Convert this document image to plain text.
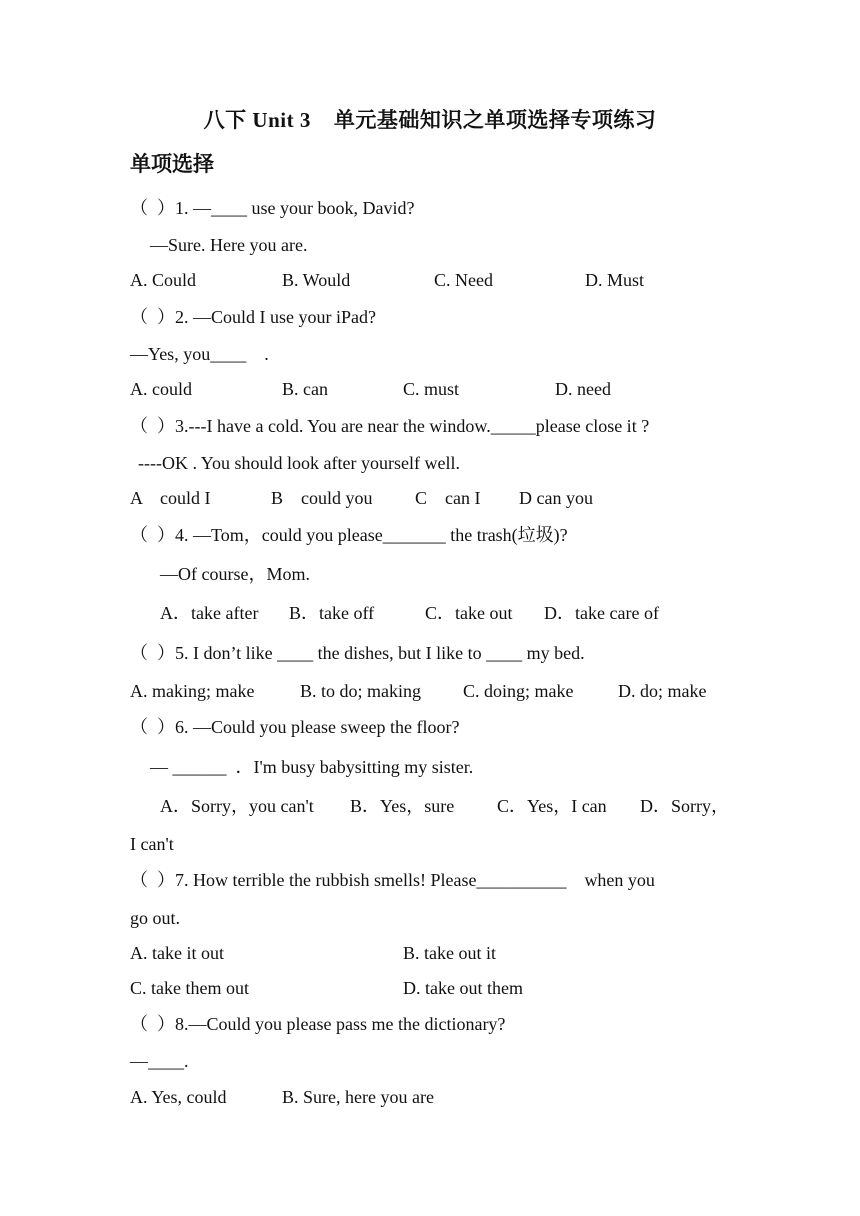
八下 Unit 3    单元基础知识之单项选择专项练习
单项选择
（  ）1. —____ use your book, David?
—Sure. Here you are.
A. Could	B. Would	C. Need	D. Must
（  ）2. —Could I use your iPad?
—Yes, you____    .
A. could	B. can	C. must	D. need
（  ）3.---I have a cold. You are near the window._____please close it ?
----OK . You should look after yourself well.
A    could I	B    could you C    can I D can you
（  ）4. —Tom，could you please_______ the trash(垃圾)?
—Of course，Mom.
A．take after B．take off	C．take out D．take care of
（  ）5. I don’t like ____ the dishes, but I like to ____ my bed.
A. making; make	B. to do; making C. doing; make D. do; make
（  ）6. —Could you please sweep the floor?
— ______  ．I'm busy babysitting my sister.
A．Sorry，you can't B．Yes，sure C．Yes，I can D．Sorry，
I can't
（  ）7. How terrible the rubbish smells! Please__________    when you
go out.
A. take it out	B. take out it
C. take them out	D. take out them
（  ）8.—Could you please pass me the dictionary?
—____.
A. Yes, could	B. Sure, here you are
